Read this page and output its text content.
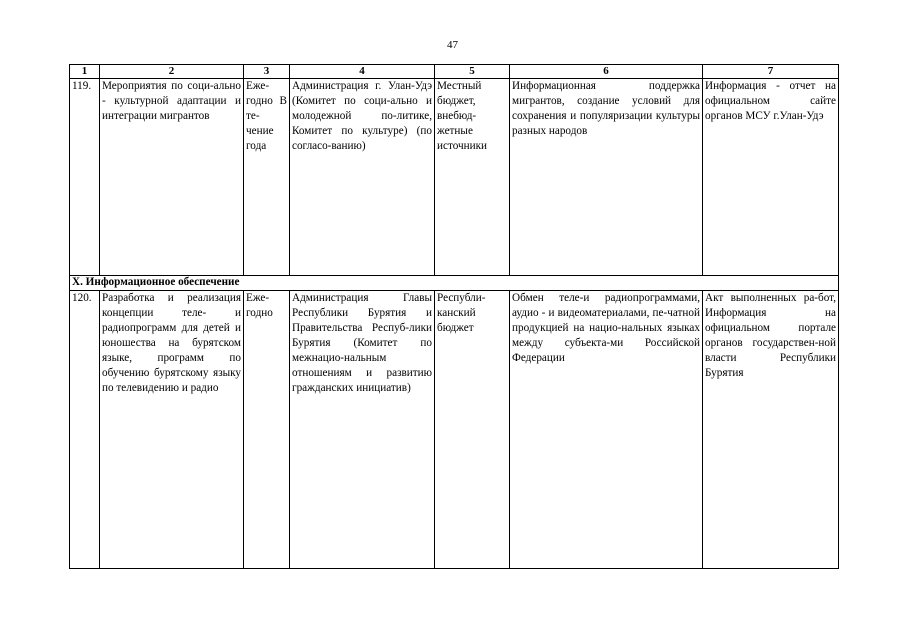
47
1	2	3	4	5	6	7
119.	Мероприятия по соци-ально - культурной адаптации и интеграции мигрантов	Еже-годно В те-чение года	Администрация г. Улан-Удэ (Комитет по соци-ально и молодежной по-литике, Комитет по культуре) (по согласо-ванию)	Местный бюджет, внебюд-жетные источники	Информационная поддержка мигрантов, создание условий для сохранения и популяризации культуры разных народов	Информация - отчет на официальном сайте органов МСУ г.Улан-Удэ
X. Информационное обеспечение						
120.	Разработка и реализация концепции теле- и радиопрограмм для детей и юношества на бурятском языке, программ по обучению бурятскому языку по телевидению и радио	Еже-годно	Администрация Главы Республики Бурятия и Правительства Респуб-лики Бурятия (Комитет по межнацио-нальным отношениям и развитию гражданских инициатив)	Республи-канский бюджет	Обмен теле-и радиопрограммами, аудио - и видеоматериалами, пе-чатной продукцией на нацио-нальных языках между субъекта-ми Российской Федерации	Акт выполненных ра-бот, Информация на официальном портале органов государствен-ной власти Республики Бурятия
